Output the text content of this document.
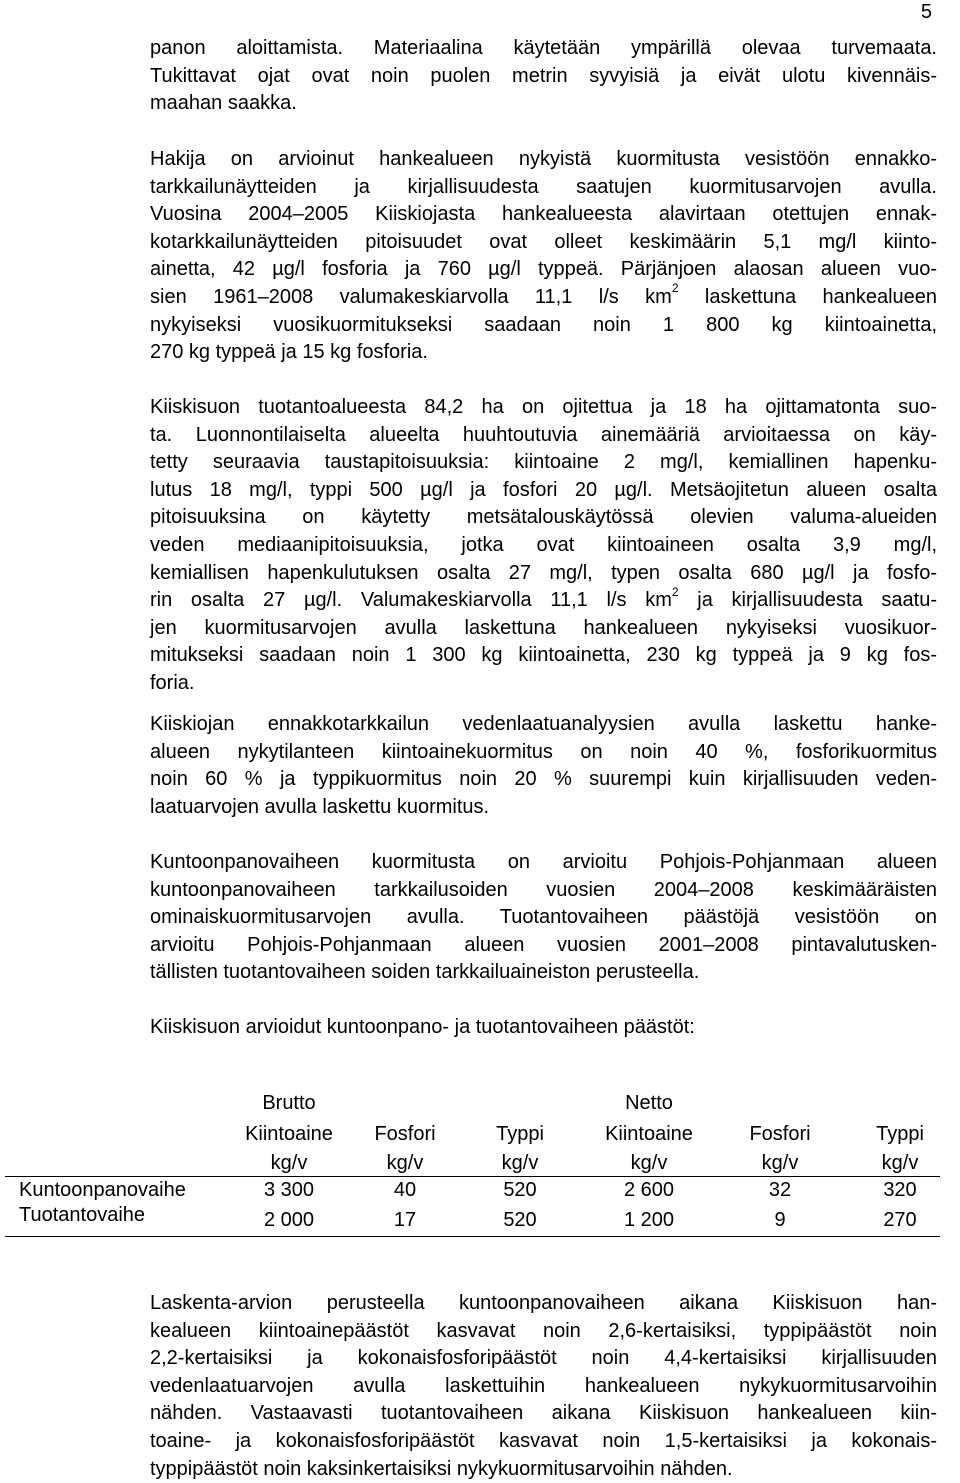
5
panon aloittamista. Materiaalina käytetään ympärillä olevaa turvemaata.
Tukittavat ojat ovat noin puolen metrin syvyisiä ja eivät ulotu kivennäis-
maahan saakka.
Hakija on arvioinut hankealueen nykyistä kuormitusta vesistöön ennakko-
tarkkailunäytteiden ja kirjallisuudesta saatujen kuormitusarvojen avulla.
Vuosina 2004–2005 Kiiskiojasta hankealueesta alavirtaan otettujen ennak-
kotarkkailunäytteiden pitoisuudet ovat olleet keskimäärin 5,1 mg/l kiinto-
ainetta, 42 µg/l fosforia ja 760 µg/l typpeä. Pärjänjoen alaosan alueen vuo-
sien 1961–2008 valumakeskiarvolla 11,1 l/s $km^2$ laskettuna hankealueen
nykyiseksi vuosikuormitukseksi saadaan noin 1 800 kg kiintoainetta,
270 kg typpeä ja 15 kg fosforia.
Kiiskisuon tuotantoalueesta 84,2 ha on ojitettua ja 18 ha ojittamatonta suo-
ta. Luonnontilaiselta alueelta huuhtoutuvia ainemääriä arvioitaessa on käy-
tetty seuraavia taustapitoisuuksia: kiintoaine 2 mg/l, kemiallinen hapenku-
lutus 18 mg/l, typpi 500 µg/l ja fosfori 20 µg/l. Metsäojitetun alueen osalta
pitoisuuksina on käytetty metsätalouskäytössä olevien valuma-alueiden
veden mediaanipitoisuuksia, jotka ovat kiintoaineen osalta 3,9 mg/l,
kemiallisen hapenkulutuksen osalta 27 mg/l, typen osalta 680 µg/l ja fosfo-
rin osalta 27 µg/l. Valumakeskiarvolla 11,1 l/s $km^2$ ja kirjallisuudesta saatu-
jen kuormitusarvojen avulla laskettuna hankealueen nykyiseksi vuosikuor-
mitukseksi saadaan noin 1 300 kg kiintoainetta, 230 kg typpeä ja 9 kg fos-
foria.
Kiiskiojan ennakkotarkkailun vedenlaatuanalyysien avulla laskettu hanke-
alueen nykytilanteen kiintoainekuormitus on noin 40 %, fosforikuormitus
noin 60 % ja typpikuormitus noin 20 % suurempi kuin kirjallisuuden veden-
laatuarvojen avulla laskettu kuormitus.
Kuntoonpanovaiheen kuormitusta on arvioitu Pohjois-Pohjanmaan alueen
kuntoonpanovaiheen tarkkailusoiden vuosien 2004–2008 keskimääräisten
ominaiskuormitusarvojen avulla. Tuotantovaiheen päästöjä vesistöön on
arvioitu Pohjois-Pohjanmaan alueen vuosien 2001–2008 pintavalutusken-
tällisten tuotantovaiheen soiden tarkkailuaineiston perusteella.
Kiiskisuon arvioidut kuntoonpano- ja tuotantovaiheen päästöt:
Laskenta-arvion perusteella kuntoonpanovaiheen aikana Kiiskisuon han-
kealueen kiintoainepäästöt kasvavat noin 2,6-kertaisiksi, typpipäästöt noin
2,2-kertaisiksi ja kokonaisfosforipäästöt noin 4,4-kertaisiksi kirjallisuuden
vedenlaatuarvojen avulla laskettuihin hankealueen nykykuormitusarvoihin
nähden. Vastaavasti tuotantovaiheen aikana Kiiskisuon hankealueen kiin-
toaine- ja kokonaisfosforipäästöt kasvavat noin 1,5-kertaisiksi ja kokonais-
typpipäästöt noin kaksinkertaisiksi nykykuormitusarvoihin nähden.
Brutto	Netto
Kiintoaine	Fosfori	Typpi	Kiintoaine	Fosfori	Typpi
kg/v	kg/v	kg/v	kg/v	kg/v	kg/v
Kuntoonpanovaihe	3 300	40	520	2 600	32	320
Tuotantovaihe	2 000	17	520	1 200	9	270
